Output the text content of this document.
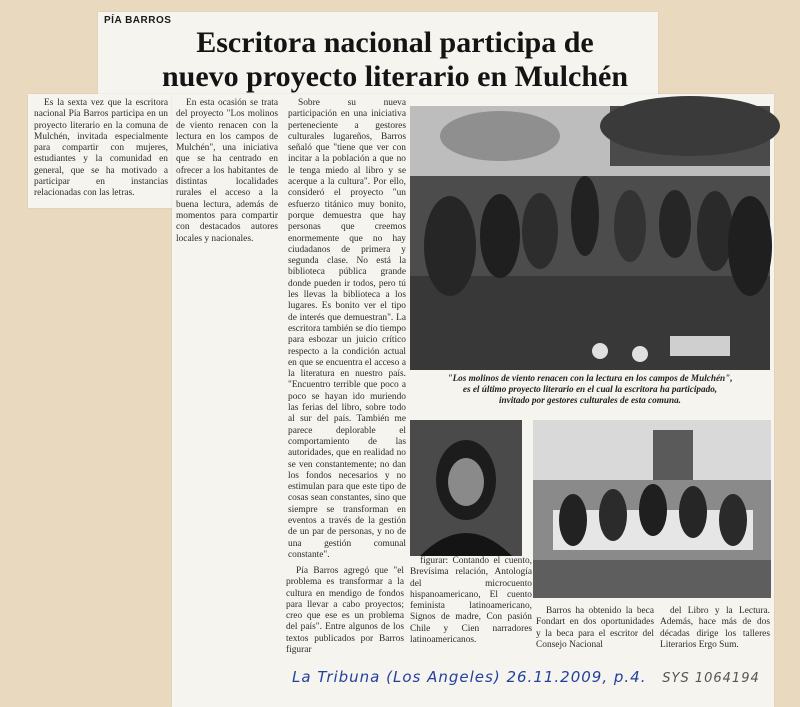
PÍA BARROS
Escritora nacional participa de
nuevo proyecto literario en Mulchén

Es la sexta vez que la escritora nacional Pía Barros participa en un proyecto literario en la comuna de Mulchén, invitada especialmente para compartir con mujeres, estudiantes y la comunidad en general, que se ha motivado a participar en instancias relacionadas con las letras.

En esta ocasión se trata del proyecto "Los molinos de viento renacen con la lectura en los campos de Mulchén", una iniciativa que se ha centrado en ofrecer a los habitantes de distintas localidades rurales el acceso a la buena lectura, además de momentos para compartir con destacados autores locales y nacionales.

Sobre su nueva participación en una iniciativa perteneciente a gestores culturales lugareños, Barros señaló que "tiene que ver con incitar a la población a que no le tenga miedo al libro y se acerque a la cultura". Por ello, consideró el proyecto "un esfuerzo titánico muy bonito, porque demuestra que hay personas que creemos enormemente que no hay ciudadanos de primera y segunda clase. No está la biblioteca pública grande donde pueden ir todos, pero tú les llevas la biblioteca a los lugares. Es bonito ver el tipo de interés que demuestran". La escritora también se dio tiempo para esbozar un juicio crítico respecto a la condición actual en que se encuentra el acceso a la literatura en nuestro país. "Encuentro terrible que poco a poco se hayan ido muriendo las ferias del libro, sobre todo al sur del país. También me parece deplorable el comportamiento de las autoridades, que en realidad no se ven constantemente; no dan los fondos necesarios y no estimulan para que este tipo de cosas sean constantes, sino que siempre se transforman en eventos a través de la gestión de un par de personas, y no de una gestión comunal constante".

Pía Barros agregó que "el problema es transformar a la cultura en mendigo de fondos para llevar a cabo proyectos; creo que ese es un problema del país". Entre algunos de los textos publicados por Barros figurar

figurar: Contando el cuento, Brevísima relación, Antología del microcuento hispanoamericano, El cuento feminista latinoamericano, Signos de madre, Con pasión Chile y Cien narradores latinoamericanos.

Barros ha obtenido la beca Fondart en dos oportunidades y la beca para el escritor del Consejo Nacional

del Libro y la Lectura. Además, hace más de dos décadas dirige los talleres Literarios Ergo Sum.

"Los molinos de viento renacen con la lectura en los campos de Mulchén",
es el último proyecto literario en el cual la escritora ha participado,
invitado por gestores culturales de esta comuna.
La Tribuna (Los Angeles) 26.11.2009, p.4. SYS 1064194
